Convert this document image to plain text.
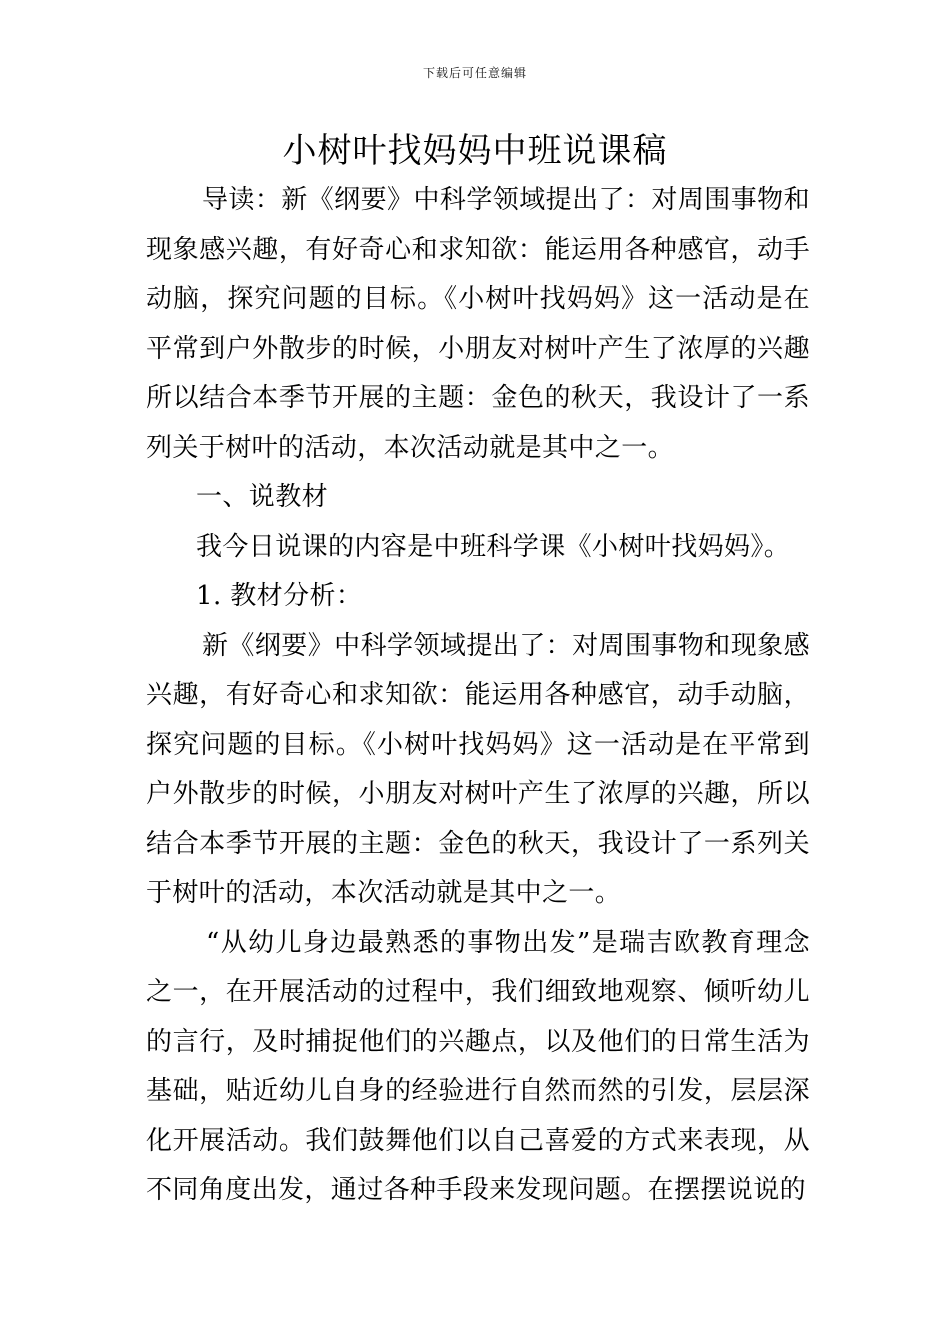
下载后可任意编辑
小树叶找妈妈中班说课稿

导读：新《纲要》中科学领域提出了：对周围事物和现象感兴趣，有好奇心和求知欲：能运用各种感官，动手动脑，探究问题的目标。《小树叶找妈妈》这一活动是在平常到户外散步的时候，小朋友对树叶产生了浓厚的兴趣所以结合本季节开展的主题：金色的秋天，我设计了一系列关于树叶的活动，本次活动就是其中之一。

一、说教材

我今日说课的内容是中班科学课《小树叶找妈妈》。

1. 教材分析：

新《纲要》中科学领域提出了：对周围事物和现象感兴趣，有好奇心和求知欲：能运用各种感官，动手动脑，探究问题的目标。《小树叶找妈妈》这一活动是在平常到户外散步的时候，小朋友对树叶产生了浓厚的兴趣，所以结合本季节开展的主题：金色的秋天，我设计了一系列关于树叶的活动，本次活动就是其中之一。

“从幼儿身边最熟悉的事物出发”是瑞吉欧教育理念之一，在开展活动的过程中，我们细致地观察、倾听幼儿的言行，及时捕捉他们的兴趣点，以及他们的日常生活为基础，贴近幼儿自身的经验进行自然而然的引发，层层深化开展活动。我们鼓舞他们以自己喜爱的方式来表现，从不同角度出发，通过各种手段来发现问题。在摆摆说说的
